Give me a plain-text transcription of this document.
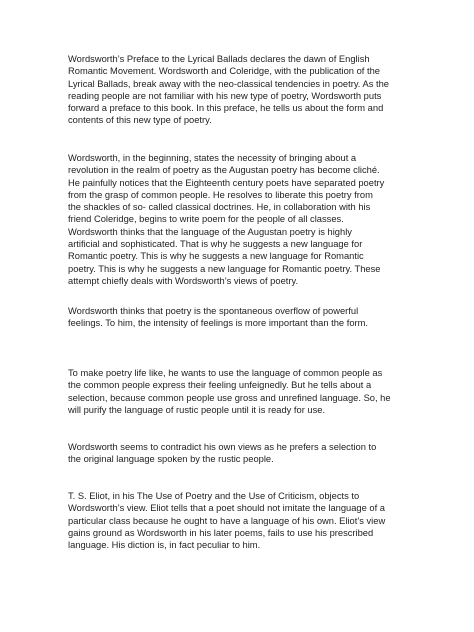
Wordsworth’s Preface to the Lyrical Ballads declares the dawn of English
Romantic Movement. Wordsworth and Coleridge, with the publication of the
Lyrical Ballads, break away with the neo-classical tendencies in poetry. As the
reading people are not familiar with his new type of poetry, Wordsworth puts
forward a preface to this book. In this preface, he tells us about the form and
contents of this new type of poetry.
Wordsworth, in the beginning, states the necessity of bringing about a
revolution in the realm of poetry as the Augustan poetry has become cliché.
He painfully notices that the Eighteenth century poets have separated poetry
from the grasp of common people. He resolves to liberate this poetry from
the shackles of so- called classical doctrines. He, in collaboration with his
friend Coleridge, begins to write poem for the people of all classes.
Wordsworth thinks that the language of the Augustan poetry is highly
artificial and sophisticated. That is why he suggests a new language for
Romantic poetry. This is why he suggests a new language for Romantic
poetry. This is why he suggests a new language for Romantic poetry. These
attempt chiefly deals with Wordsworth’s views of poetry.
Wordsworth thinks that poetry is the spontaneous overflow of powerful
feelings. To him, the intensity of feelings is more important than the form.
To make poetry life like, he wants to use the language of common people as
the common people express their feeling unfeignedly. But he tells about a
selection, because common people use gross and unrefined language. So, he
will purify the language of rustic people until it is ready for use.
Wordsworth seems to contradict his own views as he prefers a selection to
the original language spoken by the rustic people.
T. S. Eliot, in his The Use of Poetry and the Use of Criticism, objects to
Wordsworth’s view. Eliot tells that a poet should not imitate the language of a
particular class because he ought to have a language of his own. Eliot’s view
gains ground as Wordsworth in his later poems, fails to use his prescribed
language. His diction is, in fact peculiar to him.
